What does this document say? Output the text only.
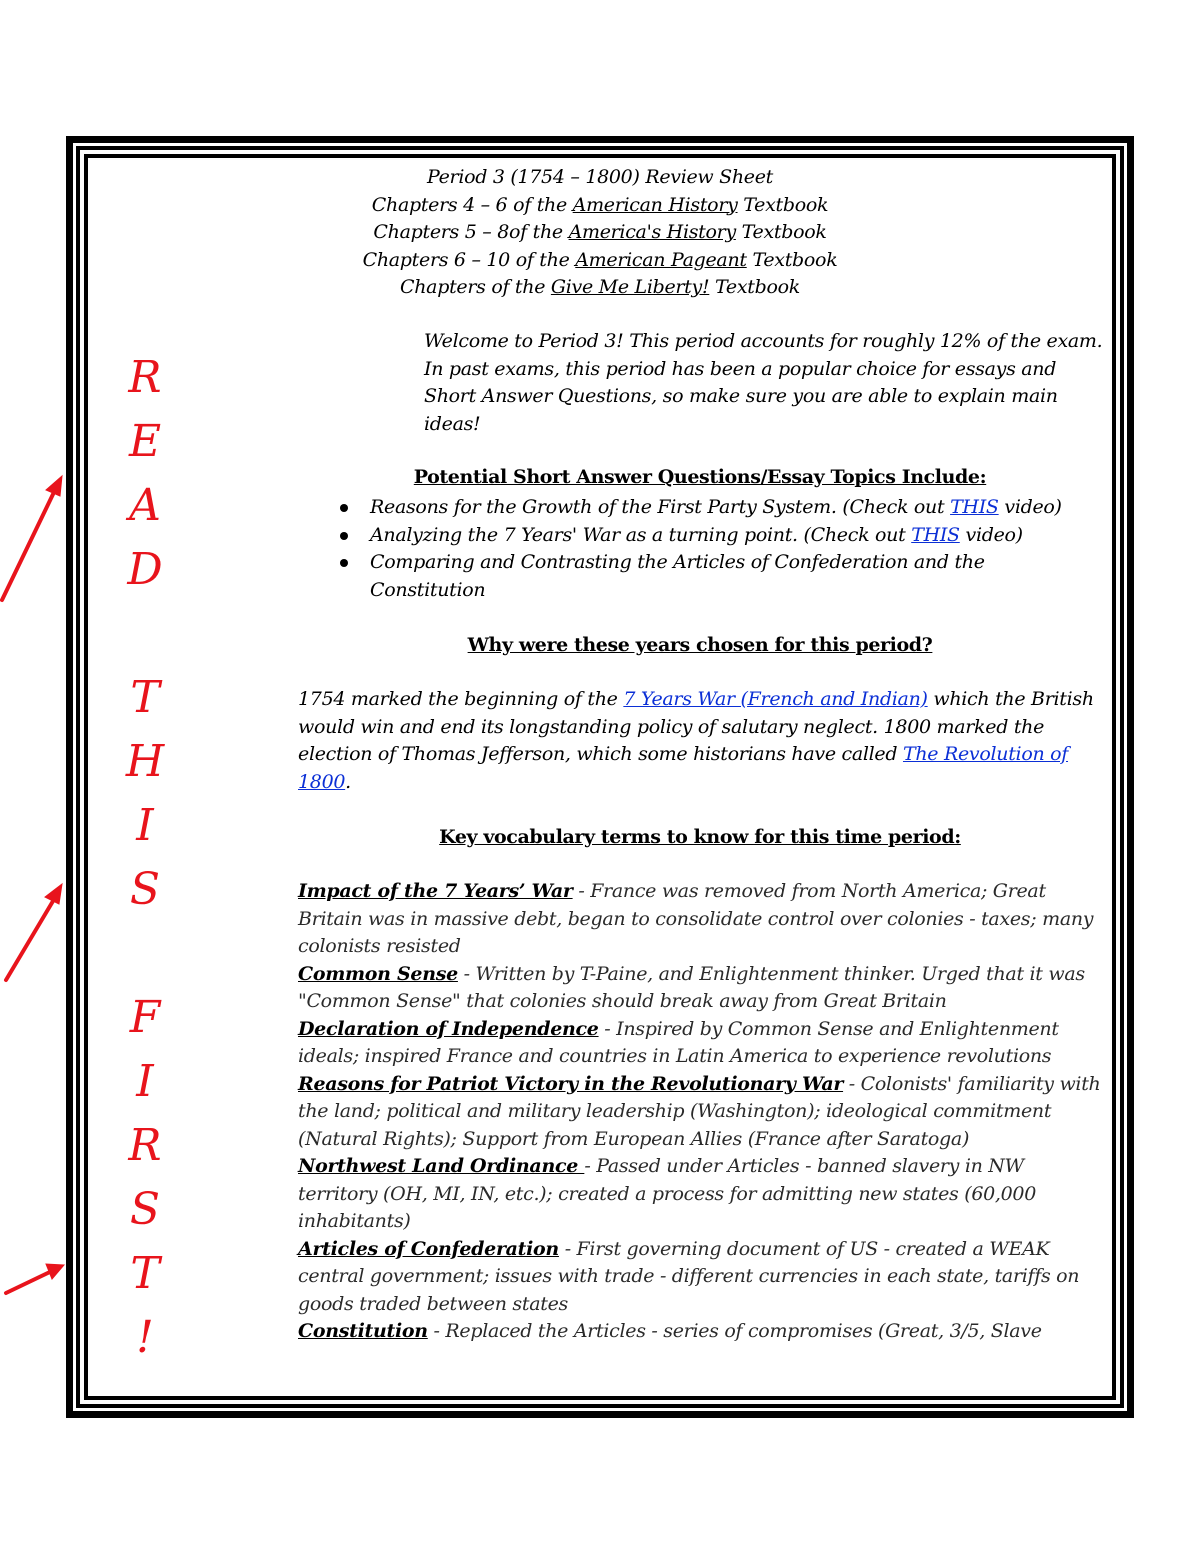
R
E
A
D
T
H
I
S
F
I
R
S
T
!
Period 3 (1754 – 1800) Review Sheet
Chapters 4 – 6 of the American History Textbook
Chapters 5 – 8of the America's History Textbook
Chapters 6 – 10 of the American Pageant Textbook
Chapters of the Give Me Liberty! Textbook
Welcome to Period 3! This period accounts for roughly 12% of the exam. In past exams, this period has been a popular choice for essays and Short Answer Questions, so make sure you are able to explain main ideas!
Potential Short Answer Questions/Essay Topics Include:
Reasons for the Growth of the First Party System. (Check out THIS video)
Analyzing the 7 Years' War as a turning point. (Check out THIS video)
Comparing and Contrasting the Articles of Confederation and the Constitution
Why were these years chosen for this period?
1754 marked the beginning of the 7 Years War (French and Indian) which the British would win and end its longstanding policy of salutary neglect. 1800 marked the election of Thomas Jefferson, which some historians have called The Revolution of 1800.
Key vocabulary terms to know for this time period:
Impact of the 7 Years’ War - France was removed from North America; Great Britain was in massive debt, began to consolidate control over colonies - taxes; many colonists resisted
Common Sense - Written by T-Paine, and Enlightenment thinker. Urged that it was "Common Sense" that colonies should break away from Great Britain
Declaration of Independence - Inspired by Common Sense and Enlightenment ideals; inspired France and countries in Latin America to experience revolutions
Reasons for Patriot Victory in the Revolutionary War - Colonists' familiarity with the land; political and military leadership (Washington); ideological commitment (Natural Rights); Support from European Allies (France after Saratoga)
Northwest Land Ordinance - Passed under Articles - banned slavery in NW territory (OH, MI, IN, etc.); created a process for admitting new states (60,000 inhabitants)
Articles of Confederation - First governing document of US - created a WEAK central government; issues with trade - different currencies in each state, tariffs on goods traded between states
Constitution - Replaced the Articles - series of compromises (Great, 3/5, Slave
